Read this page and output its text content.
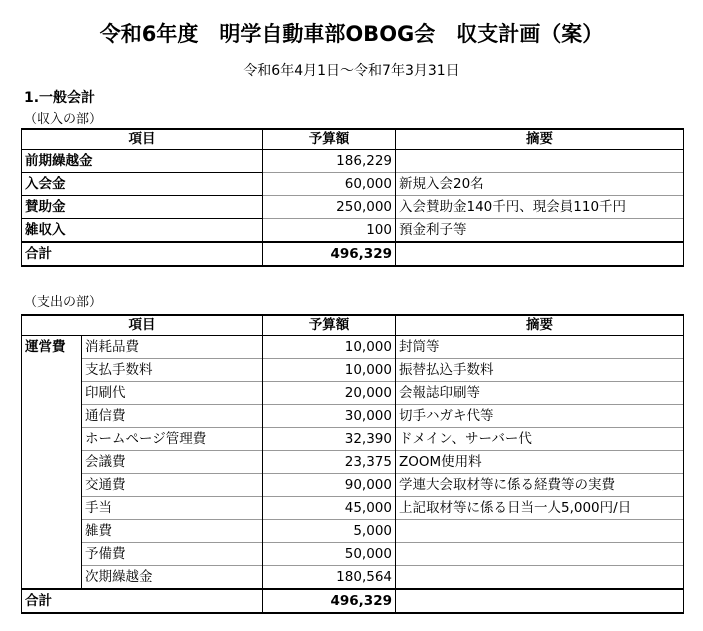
令和6年度　明学自動車部OBOG会　収支計画（案）
令和6年4月1日～令和7年3月31日
1.一般会計
（収入の部）
項目	予算額	摘要
前期繰越金	186,229	
入会金	60,000	新規入会20名
賛助金	250,000	入会賛助金140千円、現会員110千円
雑収入	100	預金利子等
合計	496,329	
（支出の部）
項目		予算額	摘要
運営費	消耗品費	10,000	封筒等
	支払手数料	10,000	振替払込手数料
	印刷代	20,000	会報誌印刷等
	通信費	30,000	切手ハガキ代等
	ホームページ管理費	32,390	ドメイン、サーバー代
	会議費	23,375	ZOOM使用料
	交通費	90,000	学連大会取材等に係る経費等の実費
	手当	45,000	上記取材等に係る日当一人5,000円/日
	雑費	5,000	
	予備費	50,000	
	次期繰越金	180,564	
合計		496,329	
